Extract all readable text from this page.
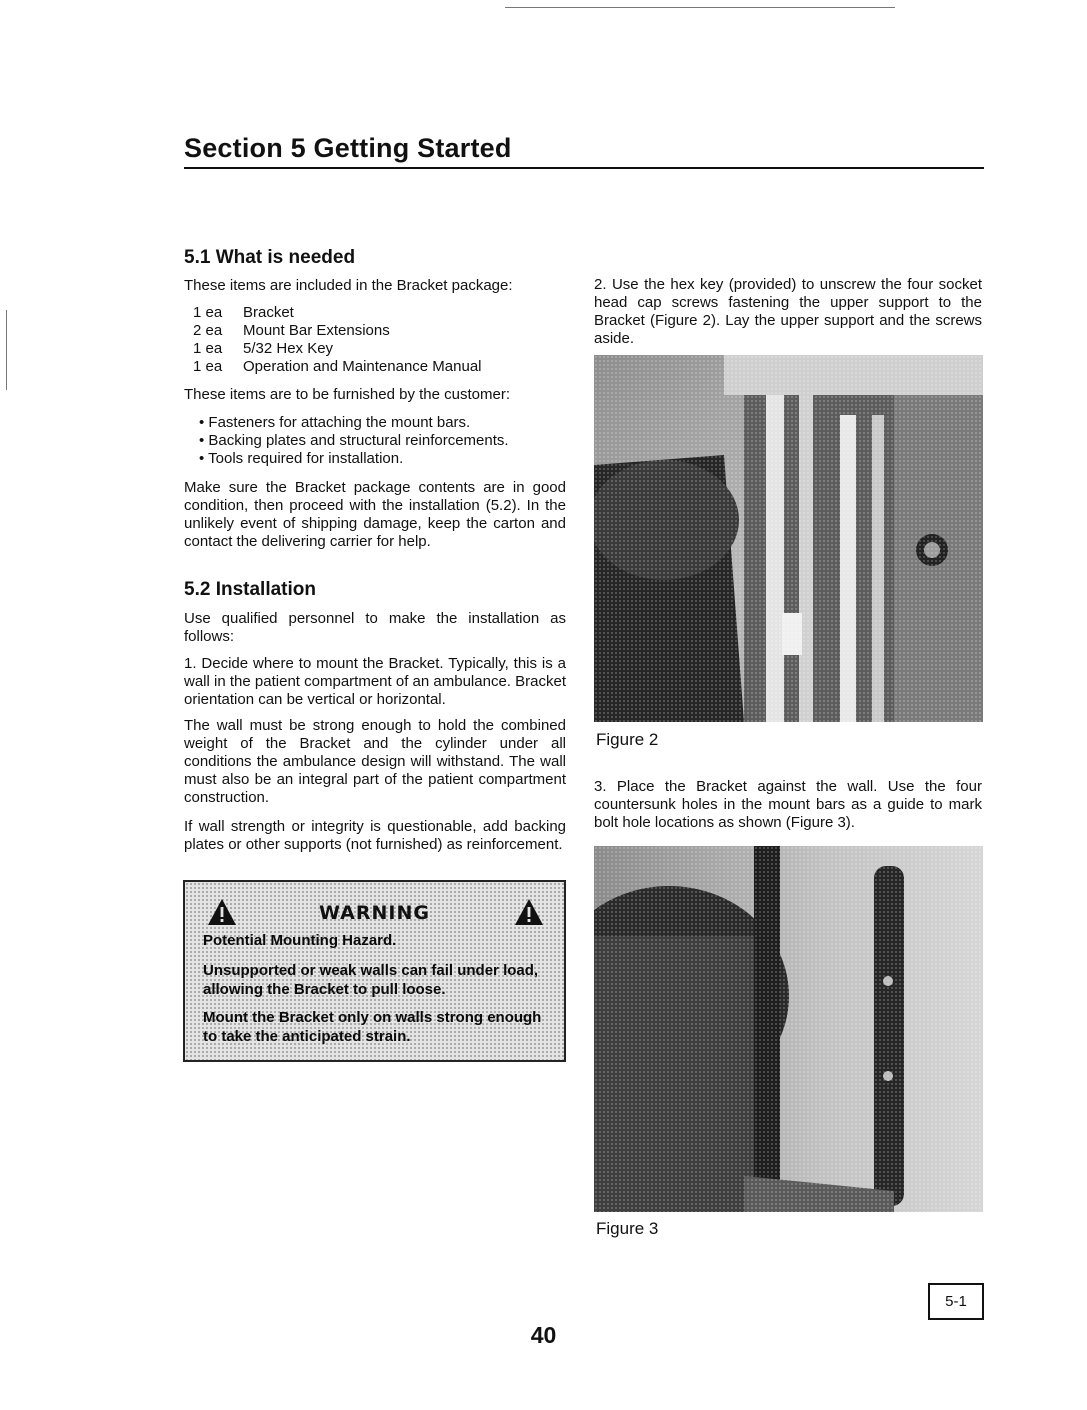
Section 5 Getting Started
5.1 What is needed

These items are included in the Bracket package:

1 ea	Bracket
2 ea	Mount Bar Extensions
1 ea	5/32 Hex Key
1 ea	Operation and Maintenance Manual

These items are to be furnished by the customer:

• Fasteners for attaching the mount bars.
• Backing plates and structural reinforcements.
• Tools required for installation.

Make sure the Bracket package contents are in good condition, then proceed with the installation (5.2). In the unlikely event of shipping damage, keep the carton and contact the delivering carrier for help.

5.2 Installation

Use qualified personnel to make the installation as follows:

1. Decide where to mount the Bracket. Typically, this is a wall in the patient compartment of an ambulance. Bracket orientation can be vertical or horizontal.

The wall must be strong enough to hold the combined weight of the Bracket and the cylinder under all conditions the ambulance design will withstand. The wall must also be an integral part of the patient compartment construction.

If wall strength or integrity is questionable, add backing plates or other supports (not furnished) as reinforcement.

WARNING
Potential Mounting Hazard.
Unsupported or weak walls can fail under load, allowing the Bracket to pull loose.
Mount the Bracket only on walls strong enough to take the anticipated strain.

2. Use the hex key (provided) to unscrew the four socket head cap screws fastening the upper support to the Bracket (Figure 2). Lay the upper support and the screws aside.

Figure 2

3. Place the Bracket against the wall. Use the four countersunk holes in the mount bars as a guide to mark bolt hole locations as shown (Figure 3).

Figure 3
5-1
40
